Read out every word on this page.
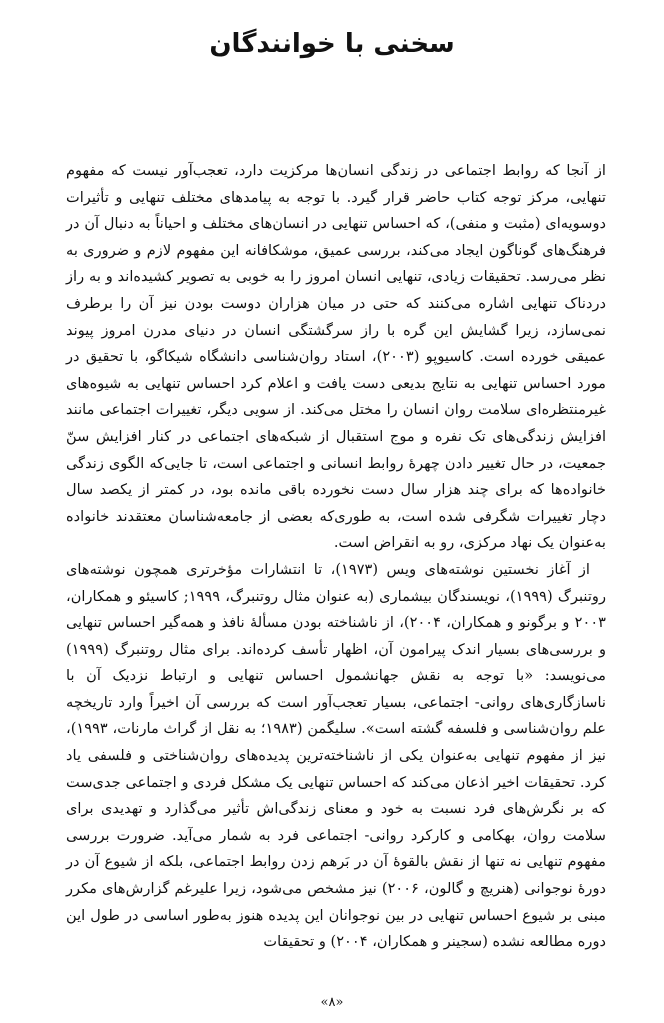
سخنی با خوانندگان

از آنجا که روابط اجتماعی در زندگی انسان‌ها مرکزیت دارد، تعجب‌آور نیست که مفهوم تنهایی، مرکز توجه کتاب حاضر قرار گیرد. با توجه به پیامدهای مختلف تنهایی و تأثیرات دوسویه‌ای (مثبت و منفی)، که احساس تنهایی در انسان‌های مختلف و احیاناً به دنبال آن در فرهنگ‌های گوناگون ایجاد می‌کند، بررسی عمیق، موشکافانه این مفهوم لازم و ضروری به نظر می‌رسد. تحقیقات زیادی، تنهایی انسان امروز را به خوبی به تصویر کشیده‌اند و به راز دردناک تنهایی اشاره می‌کنند که حتی در میان هزاران دوست بودن نیز آن را برطرف نمی‌سازد، زیرا گشایش این گره با راز سرگشتگی انسان در دنیای مدرن امروز پیوند عمیقی خورده است. کاسیوپو (۲۰۰۳)، استاد روان‌شناسی دانشگاه شیکاگو، با تحقیق در مورد احساس تنهایی به نتایج بدیعی دست یافت و اعلام کرد احساس تنهایی به شیوه‌های غیرمنتظره‌ای سلامت روان انسان را مختل می‌کند. از سویی دیگر، تغییرات اجتماعی مانند افزایش زندگی‌های تک نفره و موج استقبال از شبکه‌های اجتماعی در کنار افزایش سنّ جمعیت، در حال تغییر دادن چهرهٔ روابط انسانی و اجتماعی است، تا جایی‌که الگوی زندگی خانواده‌ها که برای چند هزار سال دست نخورده باقی مانده بود، در کمتر از یکصد سال دچار تغییرات شگرفی شده است، به طوری‌که بعضی از جامعه‌شناسان معتقدند خانواده به‌عنوان یک نهاد مرکزی، رو به انقراض است.

از آغاز نخستین نوشته‌های ویس (۱۹۷۳)، تا انتشارات مؤخرتری همچون نوشته‌های روتنبرگ (۱۹۹۹)، نویسندگان بیشماری (به عنوان مثال روتنبرگ، ۱۹۹۹; کاسیئو و همکاران، ۲۰۰۳ و برگونو و همکاران، ۲۰۰۴)، از ناشناخته بودن مسألهٔ نافذ و همه‌گیر احساس تنهایی و بررسی‌های بسیار اندک پیرامون آن، اظهار تأسف کرده‌اند. برای مثال روتنبرگ (۱۹۹۹) می‌نویسد: «با توجه به نقش جهانشمول احساس تنهایی و ارتباط نزدیک آن با ناسازگاری‌های روانی- اجتماعی، بسیار تعجب‌آور است که بررسی آن اخیراً وارد تاریخچه علم روان‌شناسی و فلسفه گشته است». سلیگمن (۱۹۸۳؛ به نقل از گراث مارنات، ۱۹۹۳)، نیز از مفهوم تنهایی به‌عنوان یکی از ناشناخته‌ترین پدیده‌های روان‌شناختی و فلسفی یاد کرد. تحقیقات اخیر اذعان می‌کند که احساس تنهایی یک مشکل فردی و اجتماعی جدی‌ست که بر نگرش‌های فرد نسبت به خود و معنای زندگی‌اش تأثیر می‌گذارد و تهدیدی برای سلامت روان، بهکامی و کارکرد روانی- اجتماعی فرد به شمار می‌آید. ضرورت بررسی مفهوم تنهایی نه تنها از نقش بالقوهٔ آن در بَرهم زدن روابط اجتماعی، بلکه از شیوع آن در دورهٔ نوجوانی (هنریچ و گالون، ۲۰۰۶) نیز مشخص می‌شود، زیرا علیرغم گزارش‌های مکرر مبنی بر شیوع احساس تنهایی در بین نوجوانان این پدیده هنوز به‌طور اساسی در طول این دوره مطالعه نشده (سجینر و همکاران، ۲۰۰۴) و تحقیقات

«۸»
